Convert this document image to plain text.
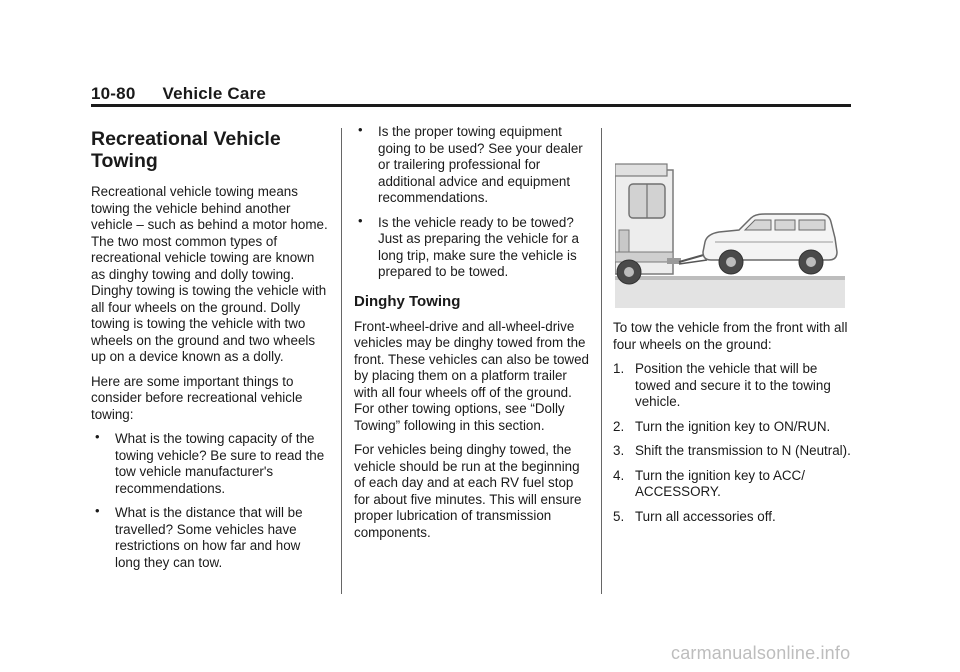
10-80 Vehicle Care
Recreational Vehicle Towing

Recreational vehicle towing means towing the vehicle behind another vehicle – such as behind a motor home. The two most common types of recreational vehicle towing are known as dinghy towing and dolly towing. Dinghy towing is towing the vehicle with all four wheels on the ground. Dolly towing is towing the vehicle with two wheels on the ground and two wheels up on a device known as a dolly.

Here are some important things to consider before recreational vehicle towing:

• What is the towing capacity of the towing vehicle? Be sure to read the tow vehicle manufacturer's recommendations.
• What is the distance that will be travelled? Some vehicles have restrictions on how far and how long they can tow.
• Is the proper towing equipment going to be used? See your dealer or trailering professional for additional advice and equipment recommendations.
• Is the vehicle ready to be towed? Just as preparing the vehicle for a long trip, make sure the vehicle is prepared to be towed.
Dinghy Towing

Front-wheel-drive and all-wheel-drive vehicles may be dinghy towed from the front. These vehicles can also be towed by placing them on a platform trailer with all four wheels off of the ground. For other towing options, see “Dolly Towing” following in this section.

For vehicles being dinghy towed, the vehicle should be run at the beginning of each day and at each RV fuel stop for about five minutes. This will ensure proper lubrication of transmission components.

To tow the vehicle from the front with all four wheels on the ground:

1. Position the vehicle that will be towed and secure it to the towing vehicle.
2. Turn the ignition key to ON/RUN.
3. Shift the transmission to N (Neutral).
4. Turn the ignition key to ACC/ ACCESSORY.
5. Turn all accessories off.
carmanualsonline.info
